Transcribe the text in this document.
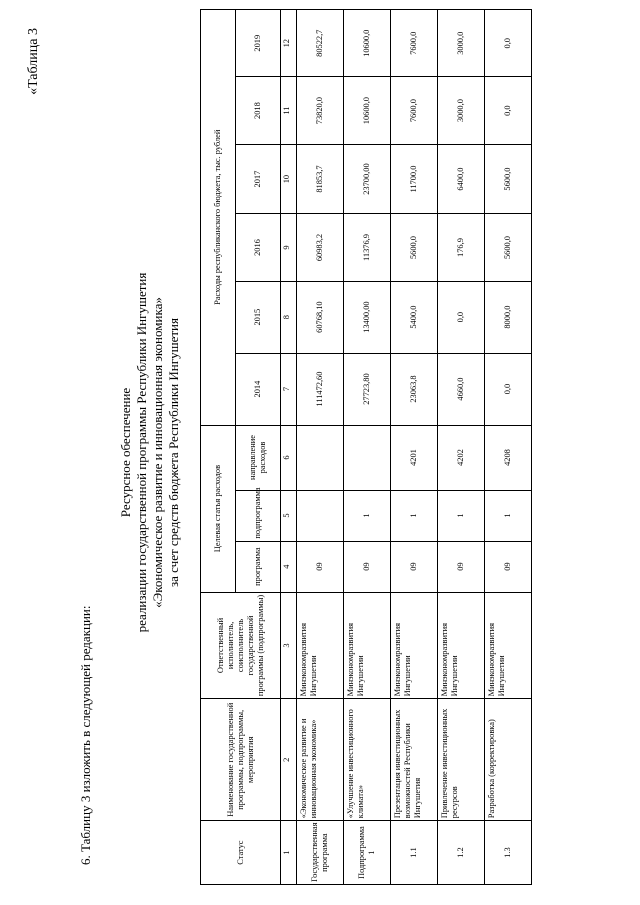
6. Таблицу 3 изложить в следующей редакции:
«Таблица 3
Ресурсное обеспечение реализации государственной программы Республики Ингушетия «Экономическое развитие и инновационная экономика» за счет средств бюджета Республики Ингушетия
Статус	Наименование государственной программы, подпрограммы, мероприятия	Ответственный исполнитель, соисполнитель государственной программы (подпрограммы)	Целевая статья расходов			Расходы республиканского бюджета, тыс. рублей					
			программа	подпрограмма	направление расходов	2014	2015	2016	2017	2018	2019
1	2	3	4	5	6	7	8	9	10	11	12
Государственная программа	«Экономическое развитие и инновационная экономика»	Минэкономразвития Ингушетии	09			111472,60	60768,10	60983,2	81853,7	73820,0	80522,7
Подпрограмма 1	«Улучшение инвестиционного климата»	Минэкономразвития Ингушетии	09	1		27723,80	13400,00	11376,9	23700,00	10600,0	10600,0
1.1	Презентация инвестиционных возможностей Республики Ингушетия	Минэкономразвития Ингушетии	09	1	4201	23063,8	5400,0	5600,0	11700,0	7600,0	7600,0
1.2	Привлечение инвестиционных ресурсов	Минэкономразвития Ингушетии	09	1	4202	4660,0	0,0	176,9	6400,0	3000,0	3000,0
1.3	Разработка (корректировка)	Минэкономразвития Ингушетии	09	1	4208	0,0	8000,0	5600,0	5600,0	0,0	0,0
